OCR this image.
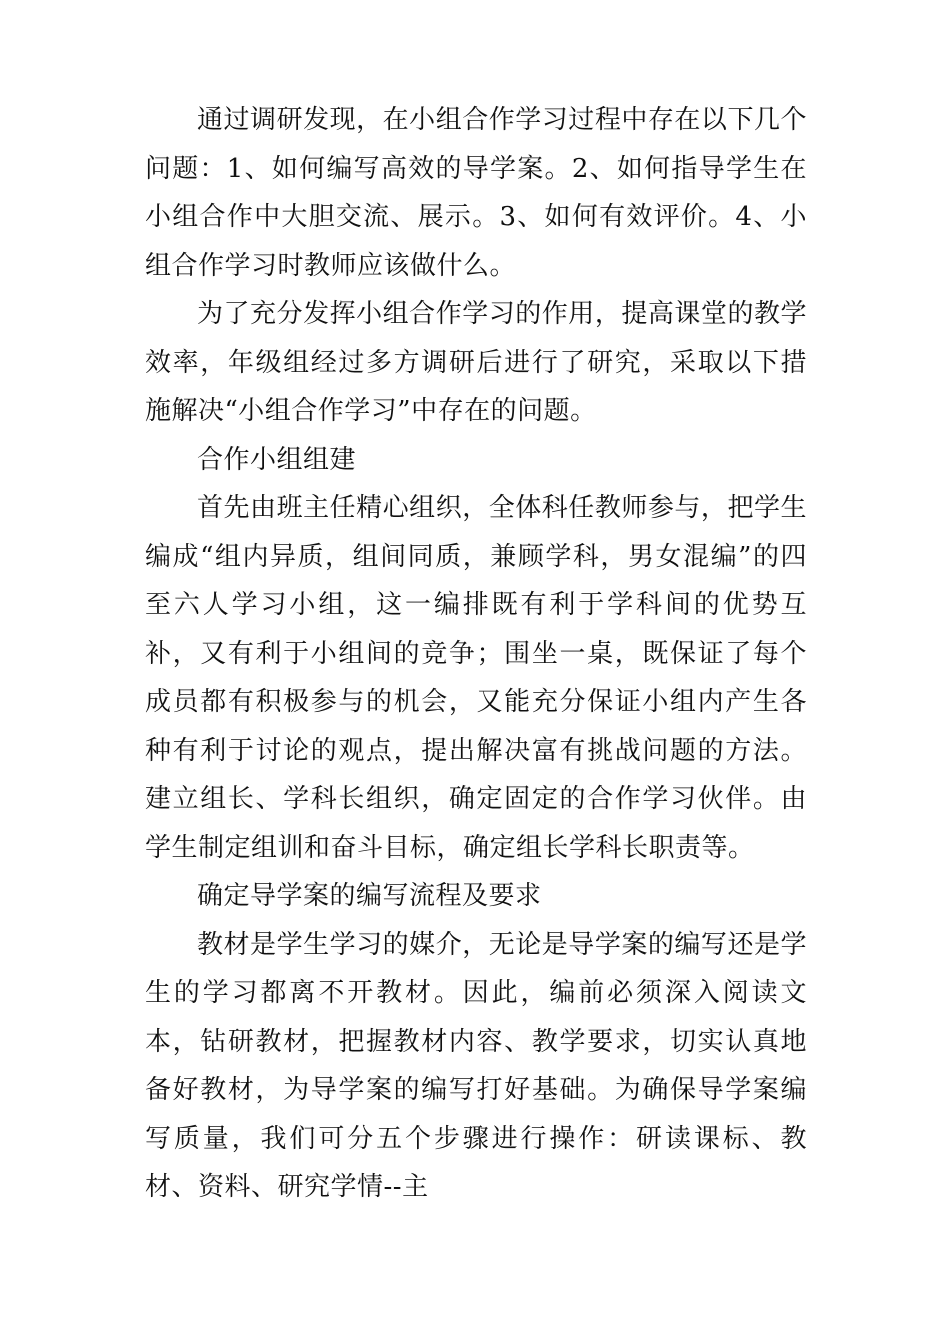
通过调研发现，在小组合作学习过程中存在以下几个问题：1、如何编写高效的导学案。2、如何指导学生在小组合作中大胆交流、展示。3、如何有效评价。4、小组合作学习时教师应该做什么。

为了充分发挥小组合作学习的作用，提高课堂的教学效率，年级组经过多方调研后进行了研究，采取以下措施解决“小组合作学习”中存在的问题。

合作小组组建

首先由班主任精心组织，全体科任教师参与，把学生编成“组内异质，组间同质，兼顾学科，男女混编”的四至六人学习小组，这一编排既有利于学科间的优势互补，又有利于小组间的竞争；围坐一桌，既保证了每个成员都有积极参与的机会，又能充分保证小组内产生各种有利于讨论的观点，提出解决富有挑战问题的方法。建立组长、学科长组织，确定固定的合作学习伙伴。由学生制定组训和奋斗目标，确定组长学科长职责等。

确定导学案的编写流程及要求

教材是学生学习的媒介，无论是导学案的编写还是学生的学习都离不开教材。因此，编前必须深入阅读文本，钻研教材，把握教材内容、教学要求，切实认真地备好教材，为导学案的编写打好基础。为确保导学案编写质量，我们可分五个步骤进行操作：研读课标、教材、资料、研究学情--主
